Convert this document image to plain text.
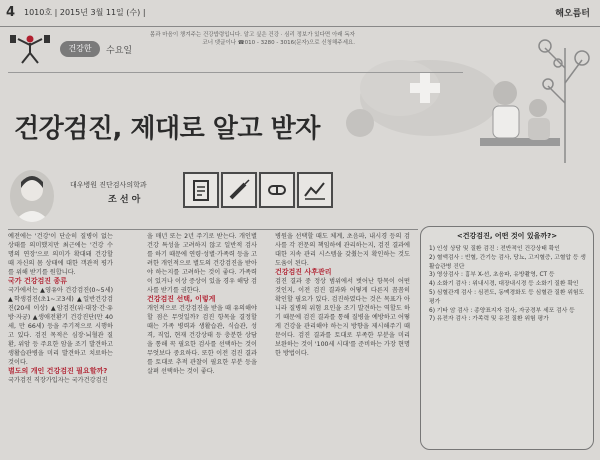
4 1010호 | 2015년 3월 11일 (수) |	해오름터
건강한	수요일
몸과 마음이 챙겨주는 건강밥령입니다. 알고 싶은 건강 · 심리 정보가 있다면 아래 독자코너 댓글이나 ☎010 - 3280 - 3016(문자)으로 신청해주세요.
건강검진, 제대로 알고 받자
대우병원 진단검사의학과
조 선 아
예전에는 '건강'이 단순히 질병이 없는 상태를 의미했지만 최근에는 '건강 수명의 연장'으로 의미가 확대돼 건강할 때 자신의 몸 상태에 대한 객관적 평가를 위해 받기를 원합니다.
국가 건강검진 종류
국가에서는 ▲영유아 건강검진(0~5세) ▲학생검진(초1~고3세) ▲일반건강검진(20세 이상) ▲암검진(위·대장·간·유방·자궁) ▲생애전환기 건강진단(만 40세, 만 66세) 등을 주기적으로 시행하고 있다. 검진 목적은 심장·뇌혈관 질환, 위암 등 주요한 암을 조기 발견하고 생활습관병을 미리 발견하고 치료하는 것이다.
별도의 개인 건강검진 필요할까?
국가검진 직장가입자는 국가건강검진
을 매년 또는 2년 주기로 받는다. 개인별 건강 특성을 고려하지 않고 일반적 검사를 하기 때문에 연령·성별·가족력 등을 고려한 개인적으로 별도의 건강검진을 받아야 하는지를 고려하는 것이 좋다. 가족력이 있거나 이상 증상이 있을 경우 해당 검사를 받기를 권한다.
건강검진 선택, 이렇게
개인적으로 건강검진을 받을 때 유의해야 할 점은 무엇일까? 검진 항목을 결정할 때는 가족 병력과 생활습관, 식습관, 성격, 직업, 현재 건강상태 등 충분한 상담을 통해 꼭 필요한 검사를 선택하는 것이 무엇보다 중요하다. 또한 이전 검진 결과를 토대로 추적 관찰이 필요한 부분 등을 살펴 선택하는 것이 좋다.
병원을 선택할 때도 체계, 초음파, 내시경 등의 검사를 각 전문의 책임하에 관리하는지, 검진 결과에 대한 지속 관리 시스템을 갖췄는지 확인하는 것도 도움이 된다.
건강검진 사후관리
검진 결과 중 정상 범위에서 벗어난 항목이 어떤 것인지, 이전 검진 결과와 어떻게 다른지 꼼꼼히 확인할 필요가 있다. 검진하였다는 것은 목표가 아니라 질병의 위험 요인을 조기 발견하는 역할도 하기 때문에 검진 결과를 통해 질병을 예방하고 어떻게 건강을 관리해야 하는지 방향을 제시해주기 때문이다. 검진 결과를 토대로 부족한 부분을 미리 보완하는 것이 '100세 시대'를 준비하는 가장 현명한 방법이다.
<건강검진, 어떤 것이 있을까?>
1) 인성 상담 및 질환 검진 : 전반적인 건강상태 확인
2) 혈액검사 : 빈혈, 간기능 검사, 당뇨, 고지혈증, 고혈압 등 생활습관병 진단
3) 영상검사 : 흉부 X-선, 초음파, 유방촬영, CT 등
4) 소화기 검사 : 위내시경, 대장내시경 등 소화기 질환 확인
5) 심혈관계 검사 : 심전도, 동맥경화도 등 심혈관 질환 위험도 평가
6) 기타 암 검사 : 종양표지자 검사, 자궁경부 세포 검사 등
7) 유전자 검사 : 가족력 및 유전 질환 위험 평가
